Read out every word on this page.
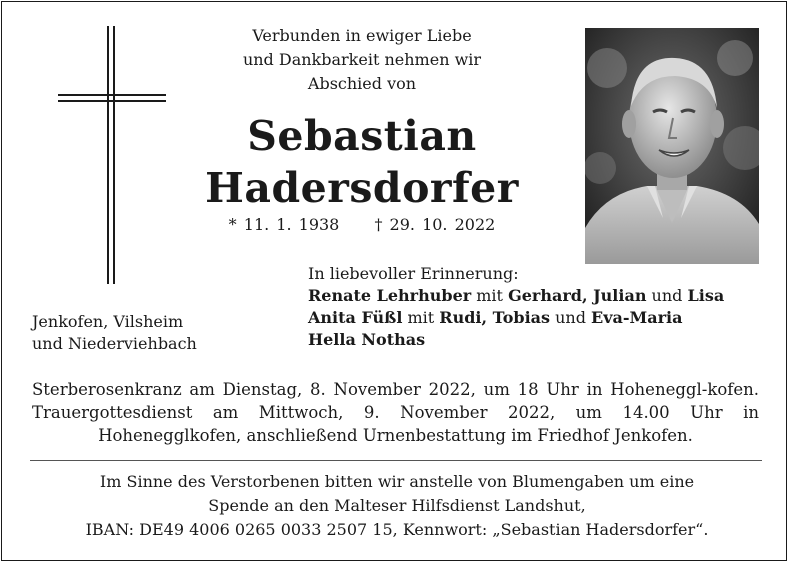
Verbunden in ewiger Liebe
und Dankbarkeit nehmen wir
Abschied von
Sebastian
Hadersdorfer
* 11. 1. 1938 † 29. 10. 2022
In liebevoller Erinnerung:
Renate Lehrhuber mit Gerhard, Julian und Lisa
Anita Füßl mit Rudi, Tobias und Eva-Maria
Hella Nothas
Jenkofen, Vilsheim
und Niederviehbach
Sterberosenkranz am Dienstag, 8. November 2022, um 18 Uhr in Hoheneggl-kofen. Trauergottesdienst am Mittwoch, 9. November 2022, um 14.00 Uhr in Hohenegglkofen, anschließend Urnenbestattung im Friedhof Jenkofen.
Im Sinne des Verstorbenen bitten wir anstelle von Blumengaben um eine
Spende an den Malteser Hilfsdienst Landshut,
IBAN: DE49 4006 0265 0033 2507 15, Kennwort: „Sebastian Hadersdorfer“.
